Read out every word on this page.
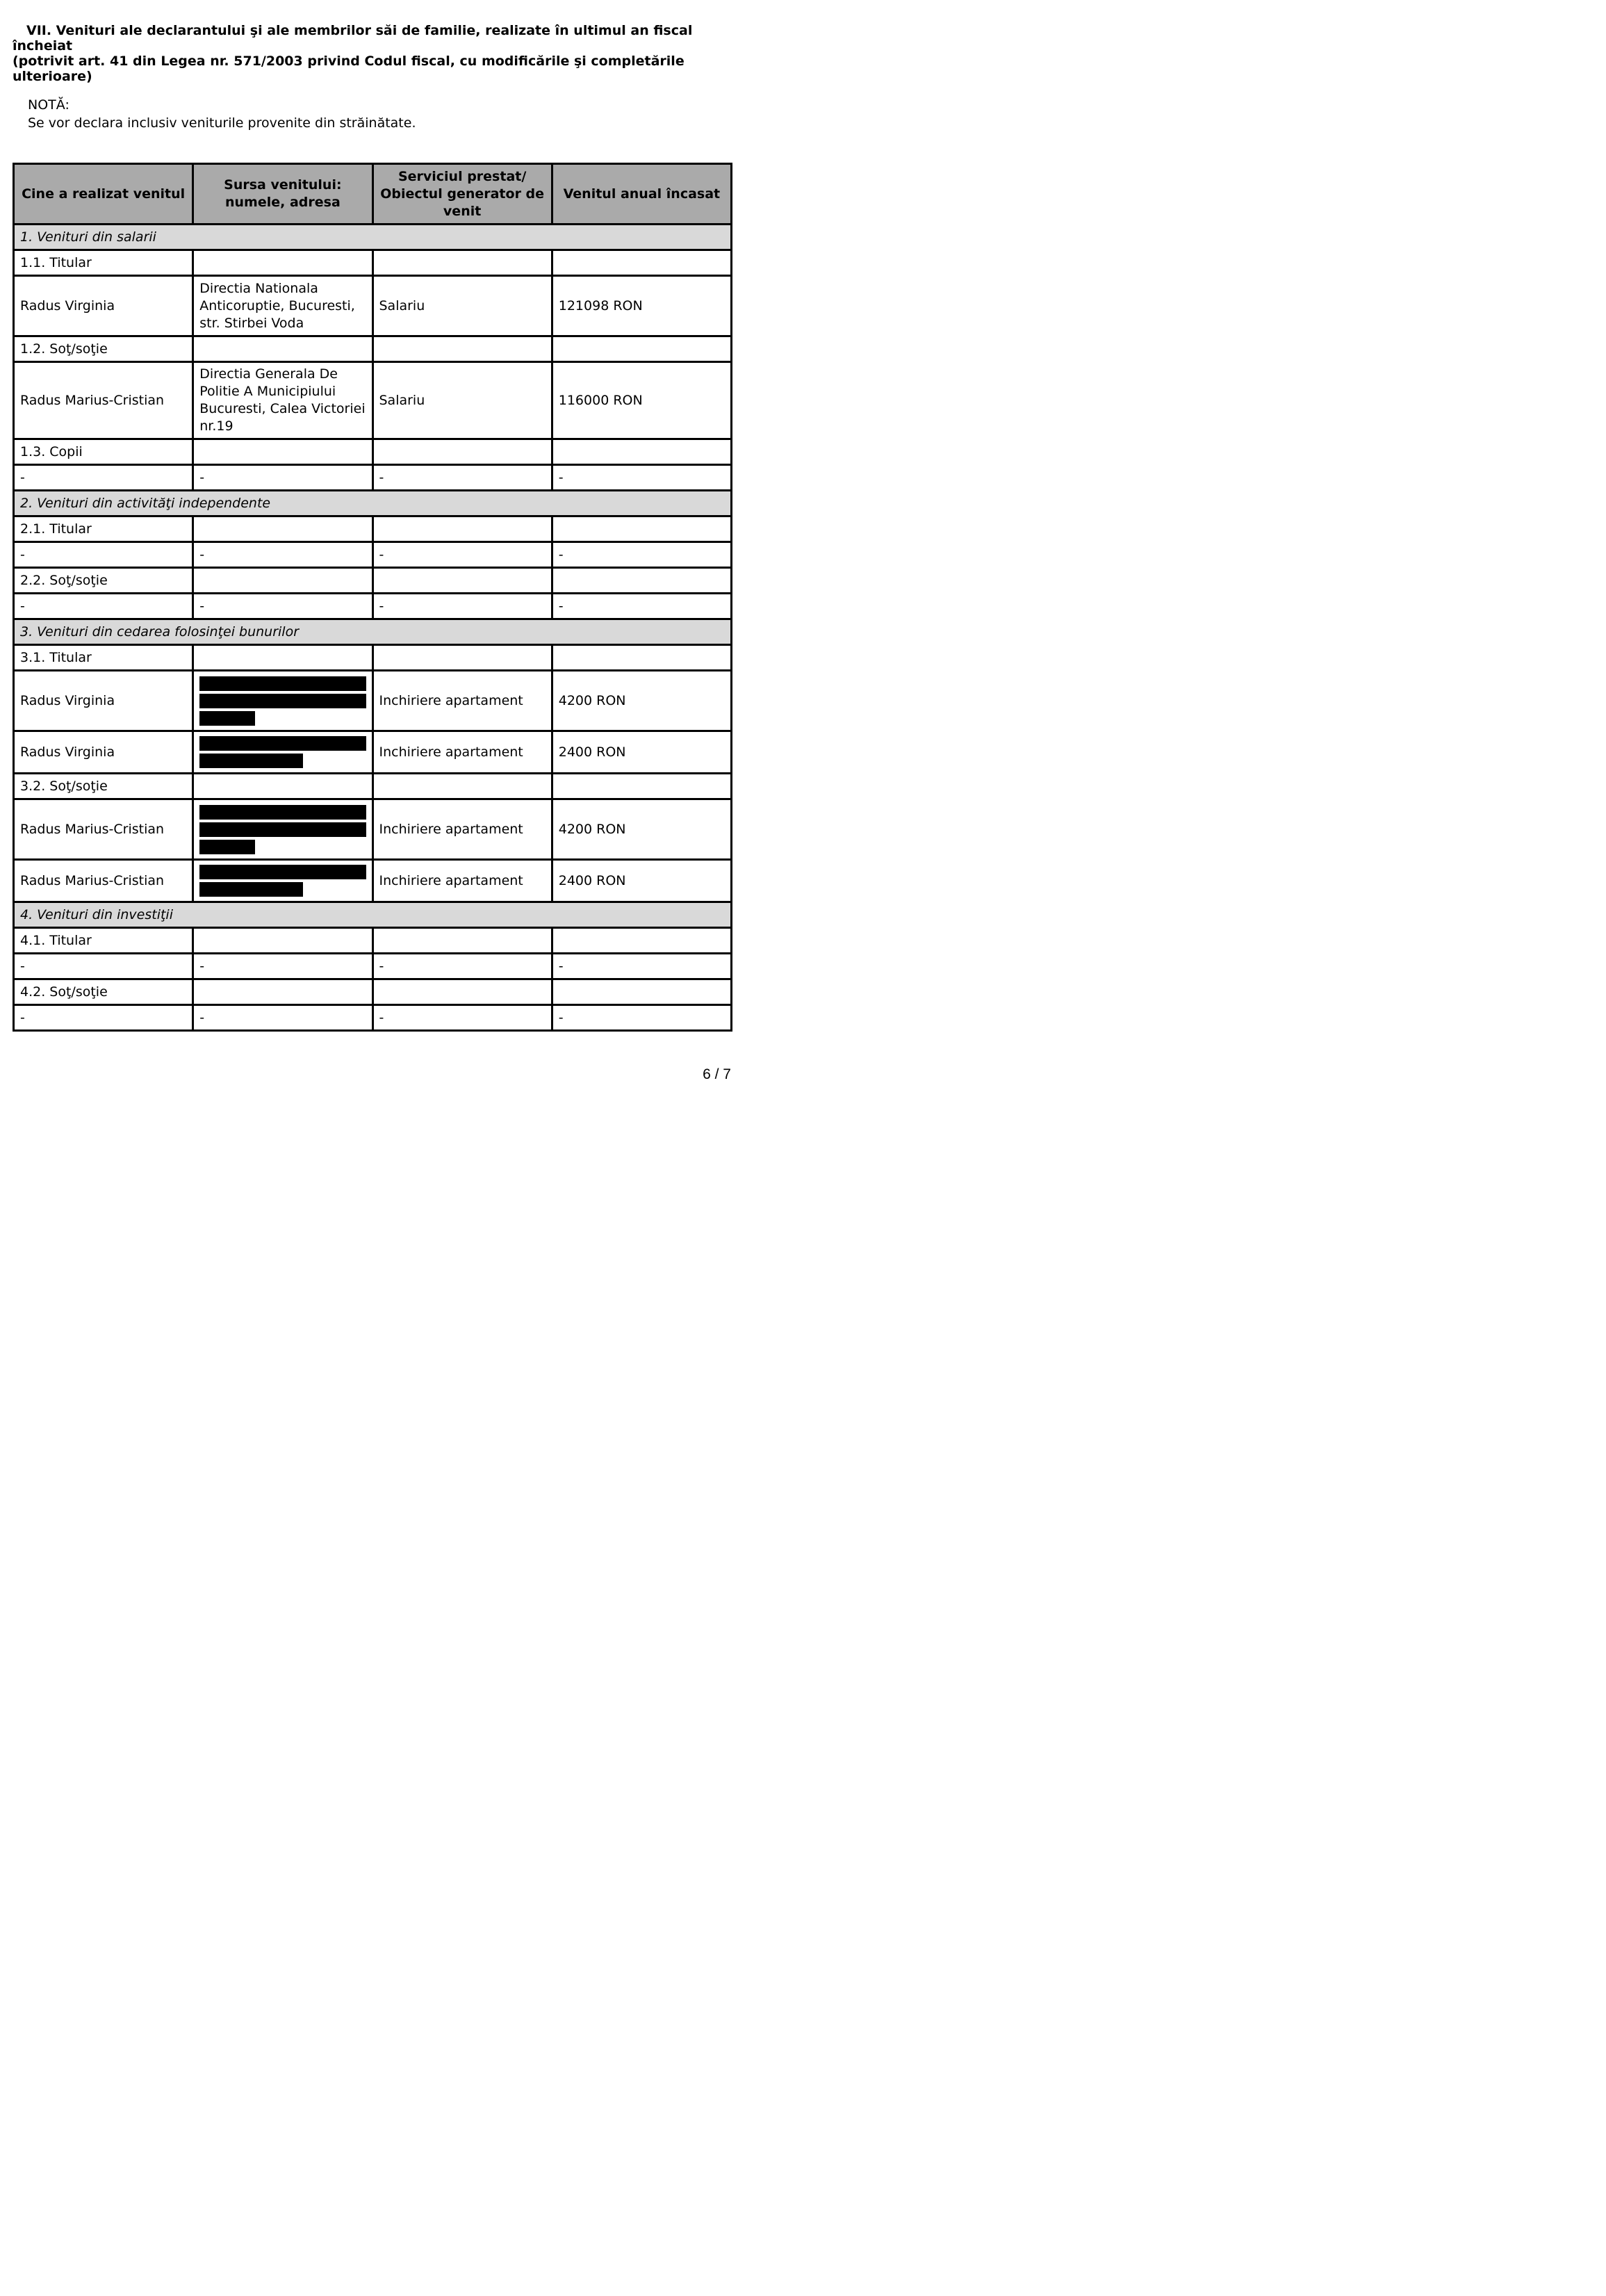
VII. Venituri ale declarantului şi ale membrilor săi de familie, realizate în ultimul an fiscal încheiat
(potrivit art. 41 din Legea nr. 571/2003 privind Codul fiscal, cu modificările şi completările
ulterioare)
NOTĂ:
Se vor declara inclusiv veniturile provenite din străinătate.
Cine a realizat venitul	Sursa venitului: numele, adresa	Serviciul prestat/ Obiectul generator de venit	Venitul anual încasat
1. Venituri din salarii			
1.1. Titular			
Radus Virginia	Directia Nationala Anticoruptie, Bucuresti, str. Stirbei Voda	Salariu	121098 RON
1.2. Soţ/soţie			
Radus Marius-Cristian	Directia Generala De Politie A Municipiului Bucuresti, Calea Victoriei nr.19	Salariu	116000 RON
1.3. Copii			
-	-	-	-
2. Venituri din activităţi independente			
2.1. Titular			
-	-	-	-
2.2. Soţ/soţie			
-	-	-	-
3. Venituri din cedarea folosinţei bunurilor			
3.1. Titular			
Radus Virginia		Inchiriere apartament	4200 RON
Radus Virginia		Inchiriere apartament	2400 RON
3.2. Soţ/soţie			
Radus Marius-Cristian		Inchiriere apartament	4200 RON
Radus Marius-Cristian		Inchiriere apartament	2400 RON
4. Venituri din investiţii			
4.1. Titular			
-	-	-	-
4.2. Soţ/soţie			
-	-	-	-
6 / 7
